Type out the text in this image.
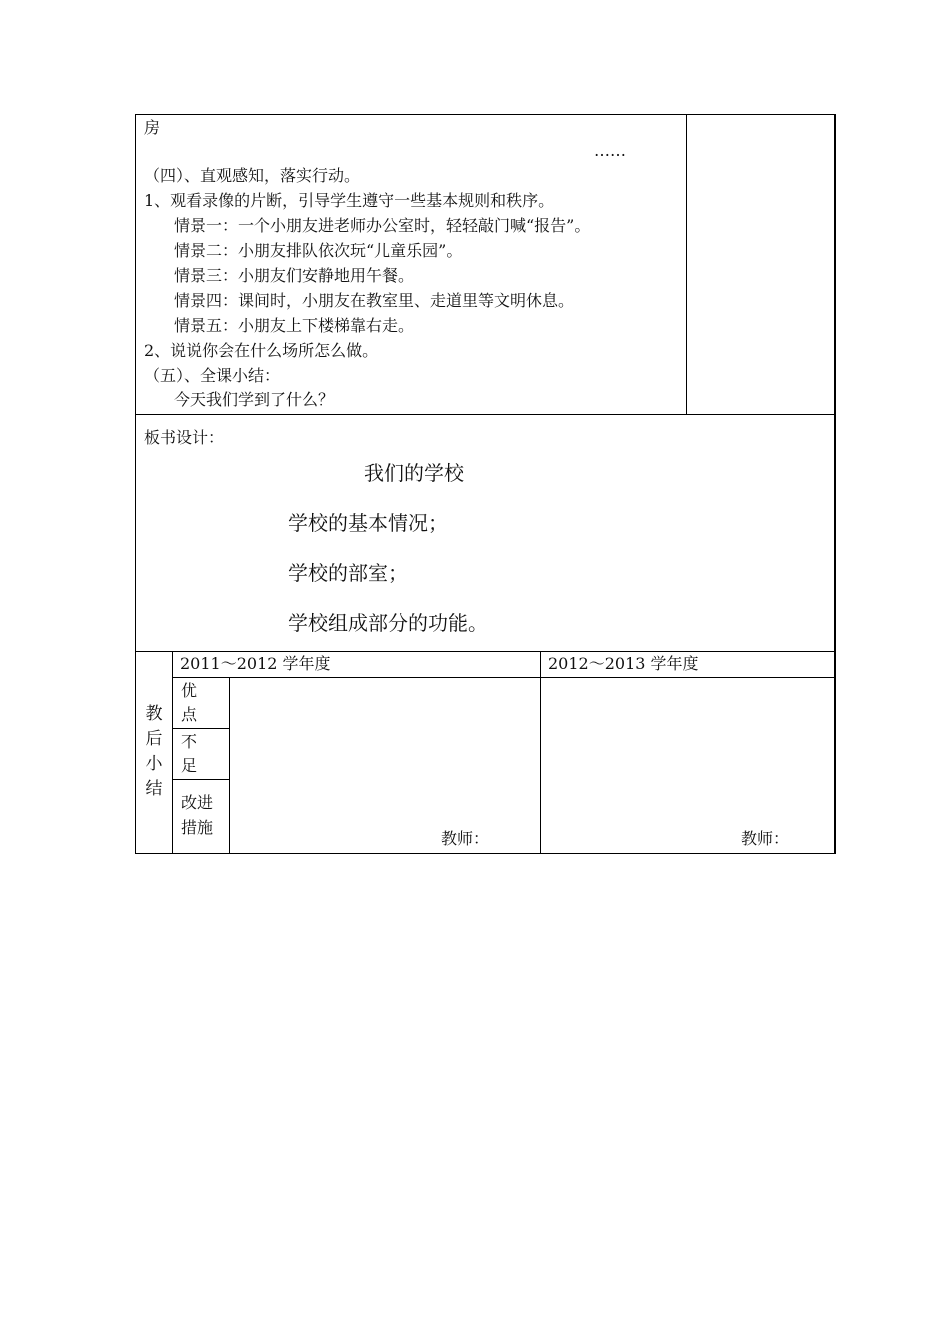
房
……
（四）、直观感知，落实行动。
1、观看录像的片断，引导学生遵守一些基本规则和秩序。
情景一：一个小朋友进老师办公室时，轻轻敲门喊“报告”。
情景二：小朋友排队依次玩“儿童乐园”。
情景三：小朋友们安静地用午餐。
情景四：课间时，小朋友在教室里、走道里等文明休息。
情景五：小朋友上下楼梯靠右走。
2、说说你会在什么场所怎么做。
（五）、全课小结：
今天我们学到了什么？
板书设计：
我们的学校
学校的基本情况；
学校的部室；
学校组成部分的功能。
教
后
小
结
2011～2012 学年度	2012～2013 学年度
优
点
不
足
改进
措施
教师：	教师：
